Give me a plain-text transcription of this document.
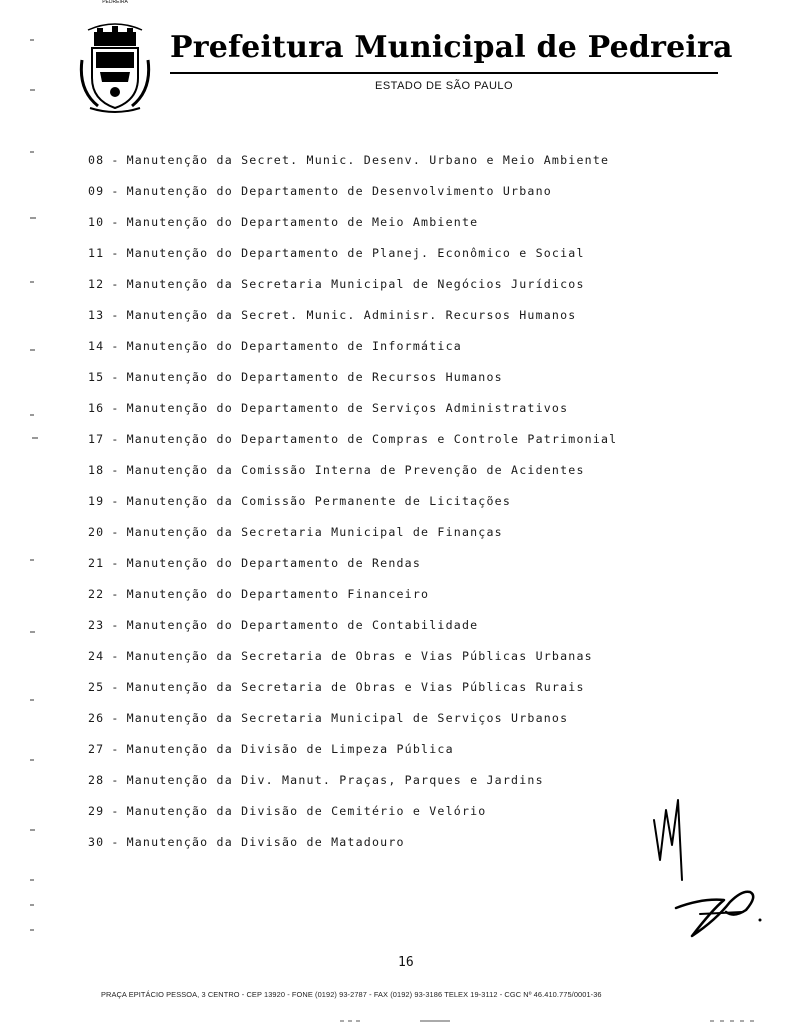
PEDREIRA
Prefeitura Municipal de Pedreira
ESTADO DE SÃO PAULO
08 - Manutenção da Secret. Munic. Desenv. Urbano e Meio Ambiente
09 - Manutenção do Departamento de Desenvolvimento Urbano
10 - Manutenção do Departamento de Meio Ambiente
11 - Manutenção do Departamento de Planej. Econômico e Social
12 - Manutenção da Secretaria Municipal de Negócios Jurídicos
13 - Manutenção da Secret. Munic. Adminisr. Recursos Humanos
14 - Manutenção do Departamento de Informática
15 - Manutenção do Departamento de Recursos Humanos
16 - Manutenção do Departamento de Serviços Administrativos
17 - Manutenção do Departamento de Compras e Controle Patrimonial
18 - Manutenção da Comissão Interna de Prevenção de Acidentes
19 - Manutenção da Comissão Permanente de Licitações
20 - Manutenção da Secretaria Municipal de Finanças
21 - Manutenção do Departamento de Rendas
22 - Manutenção do Departamento Financeiro
23 - Manutenção do Departamento de Contabilidade
24 - Manutenção da Secretaria de Obras e Vias Públicas Urbanas
25 - Manutenção da Secretaria de Obras e Vias Públicas Rurais
26 - Manutenção da Secretaria Municipal de Serviços Urbanos
27 - Manutenção da Divisão de Limpeza Pública
28 - Manutenção da Div. Manut. Praças, Parques e Jardins
29 - Manutenção da Divisão de Cemitério e Velório
30 - Manutenção da Divisão de Matadouro
16
PRAÇA EPITÁCIO PESSOA, 3 CENTRO - CEP 13920 - FONE (0192) 93-2787 - FAX (0192) 93-3186 TELEX 19-3112 - CGC Nº 46.410.775/0001-36
